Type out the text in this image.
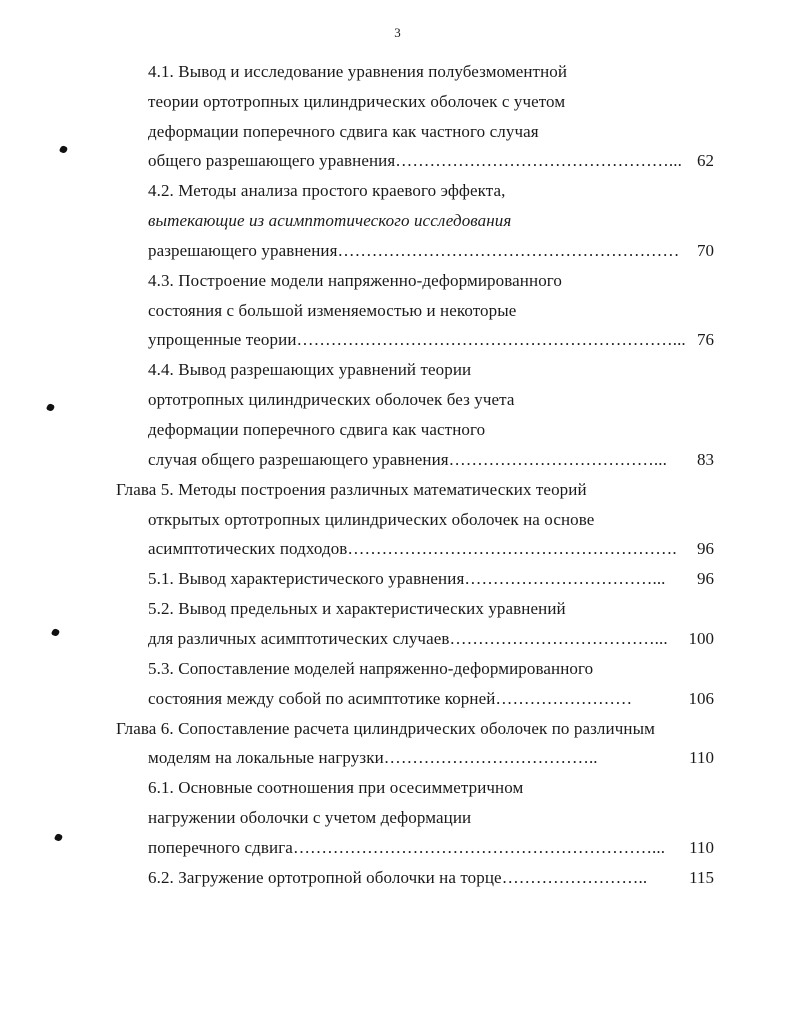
3
4.1. Вывод и исследование уравнения полубезмоментной
теории ортотропных цилиндрических оболочек с учетом
деформации поперечного сдвига как частного случая
общего разрешающего уравнения…………………………………………... 62
4.2. Методы анализа простого краевого эффекта,
вытекающие из асимптотического исследования
разрешающего уравнения……………………………………………………	70
4.3. Построение модели напряженно-деформированного
состояния с большой изменяемостью и некоторые
упрощенные теории…………………………………………………………... 76
4.4. Вывод разрешающих уравнений теории
ортотропных цилиндрических оболочек без учета
деформации поперечного сдвига как частного
случая общего разрешающего уравнения………………………………...	83
Глава 5. Методы построения различных математических теорий
открытых ортотропных цилиндрических оболочек на основе
асимптотических подходов………………………………………………….	96
5.1. Вывод характеристического уравнения……………………………...	96
5.2. Вывод предельных и характеристических уравнений
для различных асимптотических случаев………………………………...	100
5.3. Сопоставление моделей напряженно-деформированного
состояния между собой по асимптотике корней……………………	106
Глава 6. Сопоставление расчета цилиндрических оболочек по различным
моделям на локальные нагрузки………………………………..	110
6.1. Основные соотношения при осесимметричном
нагружении оболочки с учетом деформации
поперечного сдвига………………………………………………………...	110
6.2. Загружение ортотропной оболочки на торце……………………..	115
